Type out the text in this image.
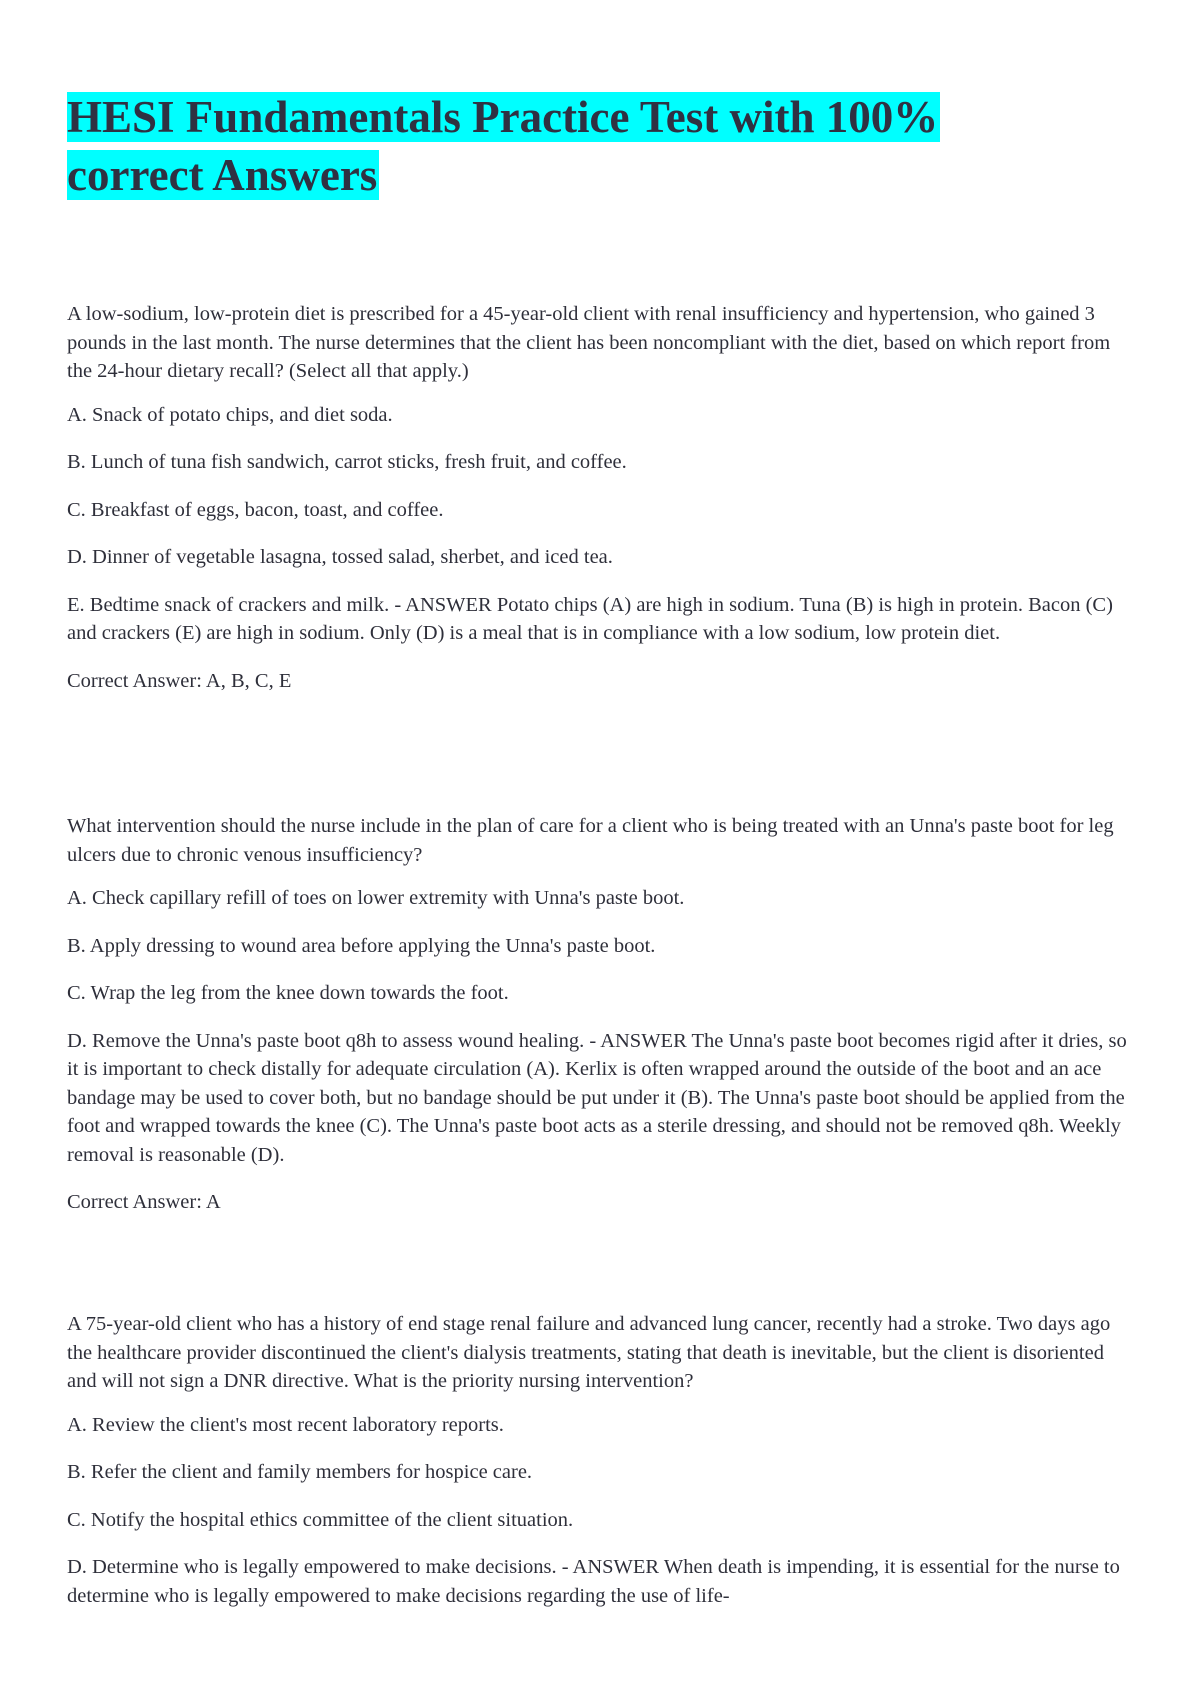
HESI Fundamentals Practice Test with 100%
correct Answers

A low-sodium, low-protein diet is prescribed for a 45-year-old client with renal insufficiency and hypertension, who gained 3 pounds in the last month. The nurse determines that the client has been noncompliant with the diet, based on which report from the 24-hour dietary recall? (Select all that apply.)

A. Snack of potato chips, and diet soda.

B. Lunch of tuna fish sandwich, carrot sticks, fresh fruit, and coffee.

C. Breakfast of eggs, bacon, toast, and coffee.

D. Dinner of vegetable lasagna, tossed salad, sherbet, and iced tea.

E. Bedtime snack of crackers and milk. - ANSWER Potato chips (A) are high in sodium. Tuna (B) is high in protein. Bacon (C) and crackers (E) are high in sodium. Only (D) is a meal that is in compliance with a low sodium, low protein diet.

Correct Answer: A, B, C, E

What intervention should the nurse include in the plan of care for a client who is being treated with an Unna's paste boot for leg ulcers due to chronic venous insufficiency?

A. Check capillary refill of toes on lower extremity with Unna's paste boot.

B. Apply dressing to wound area before applying the Unna's paste boot.

C. Wrap the leg from the knee down towards the foot.

D. Remove the Unna's paste boot q8h to assess wound healing. - ANSWER The Unna's paste boot becomes rigid after it dries, so it is important to check distally for adequate circulation (A). Kerlix is often wrapped around the outside of the boot and an ace bandage may be used to cover both, but no bandage should be put under it (B). The Unna's paste boot should be applied from the foot and wrapped towards the knee (C). The Unna's paste boot acts as a sterile dressing, and should not be removed q8h. Weekly removal is reasonable (D).

Correct Answer: A

A 75-year-old client who has a history of end stage renal failure and advanced lung cancer, recently had a stroke. Two days ago the healthcare provider discontinued the client's dialysis treatments, stating that death is inevitable, but the client is disoriented and will not sign a DNR directive. What is the priority nursing intervention?

A. Review the client's most recent laboratory reports.

B. Refer the client and family members for hospice care.

C. Notify the hospital ethics committee of the client situation.

D. Determine who is legally empowered to make decisions. - ANSWER When death is impending, it is essential for the nurse to determine who is legally empowered to make decisions regarding the use of life-
